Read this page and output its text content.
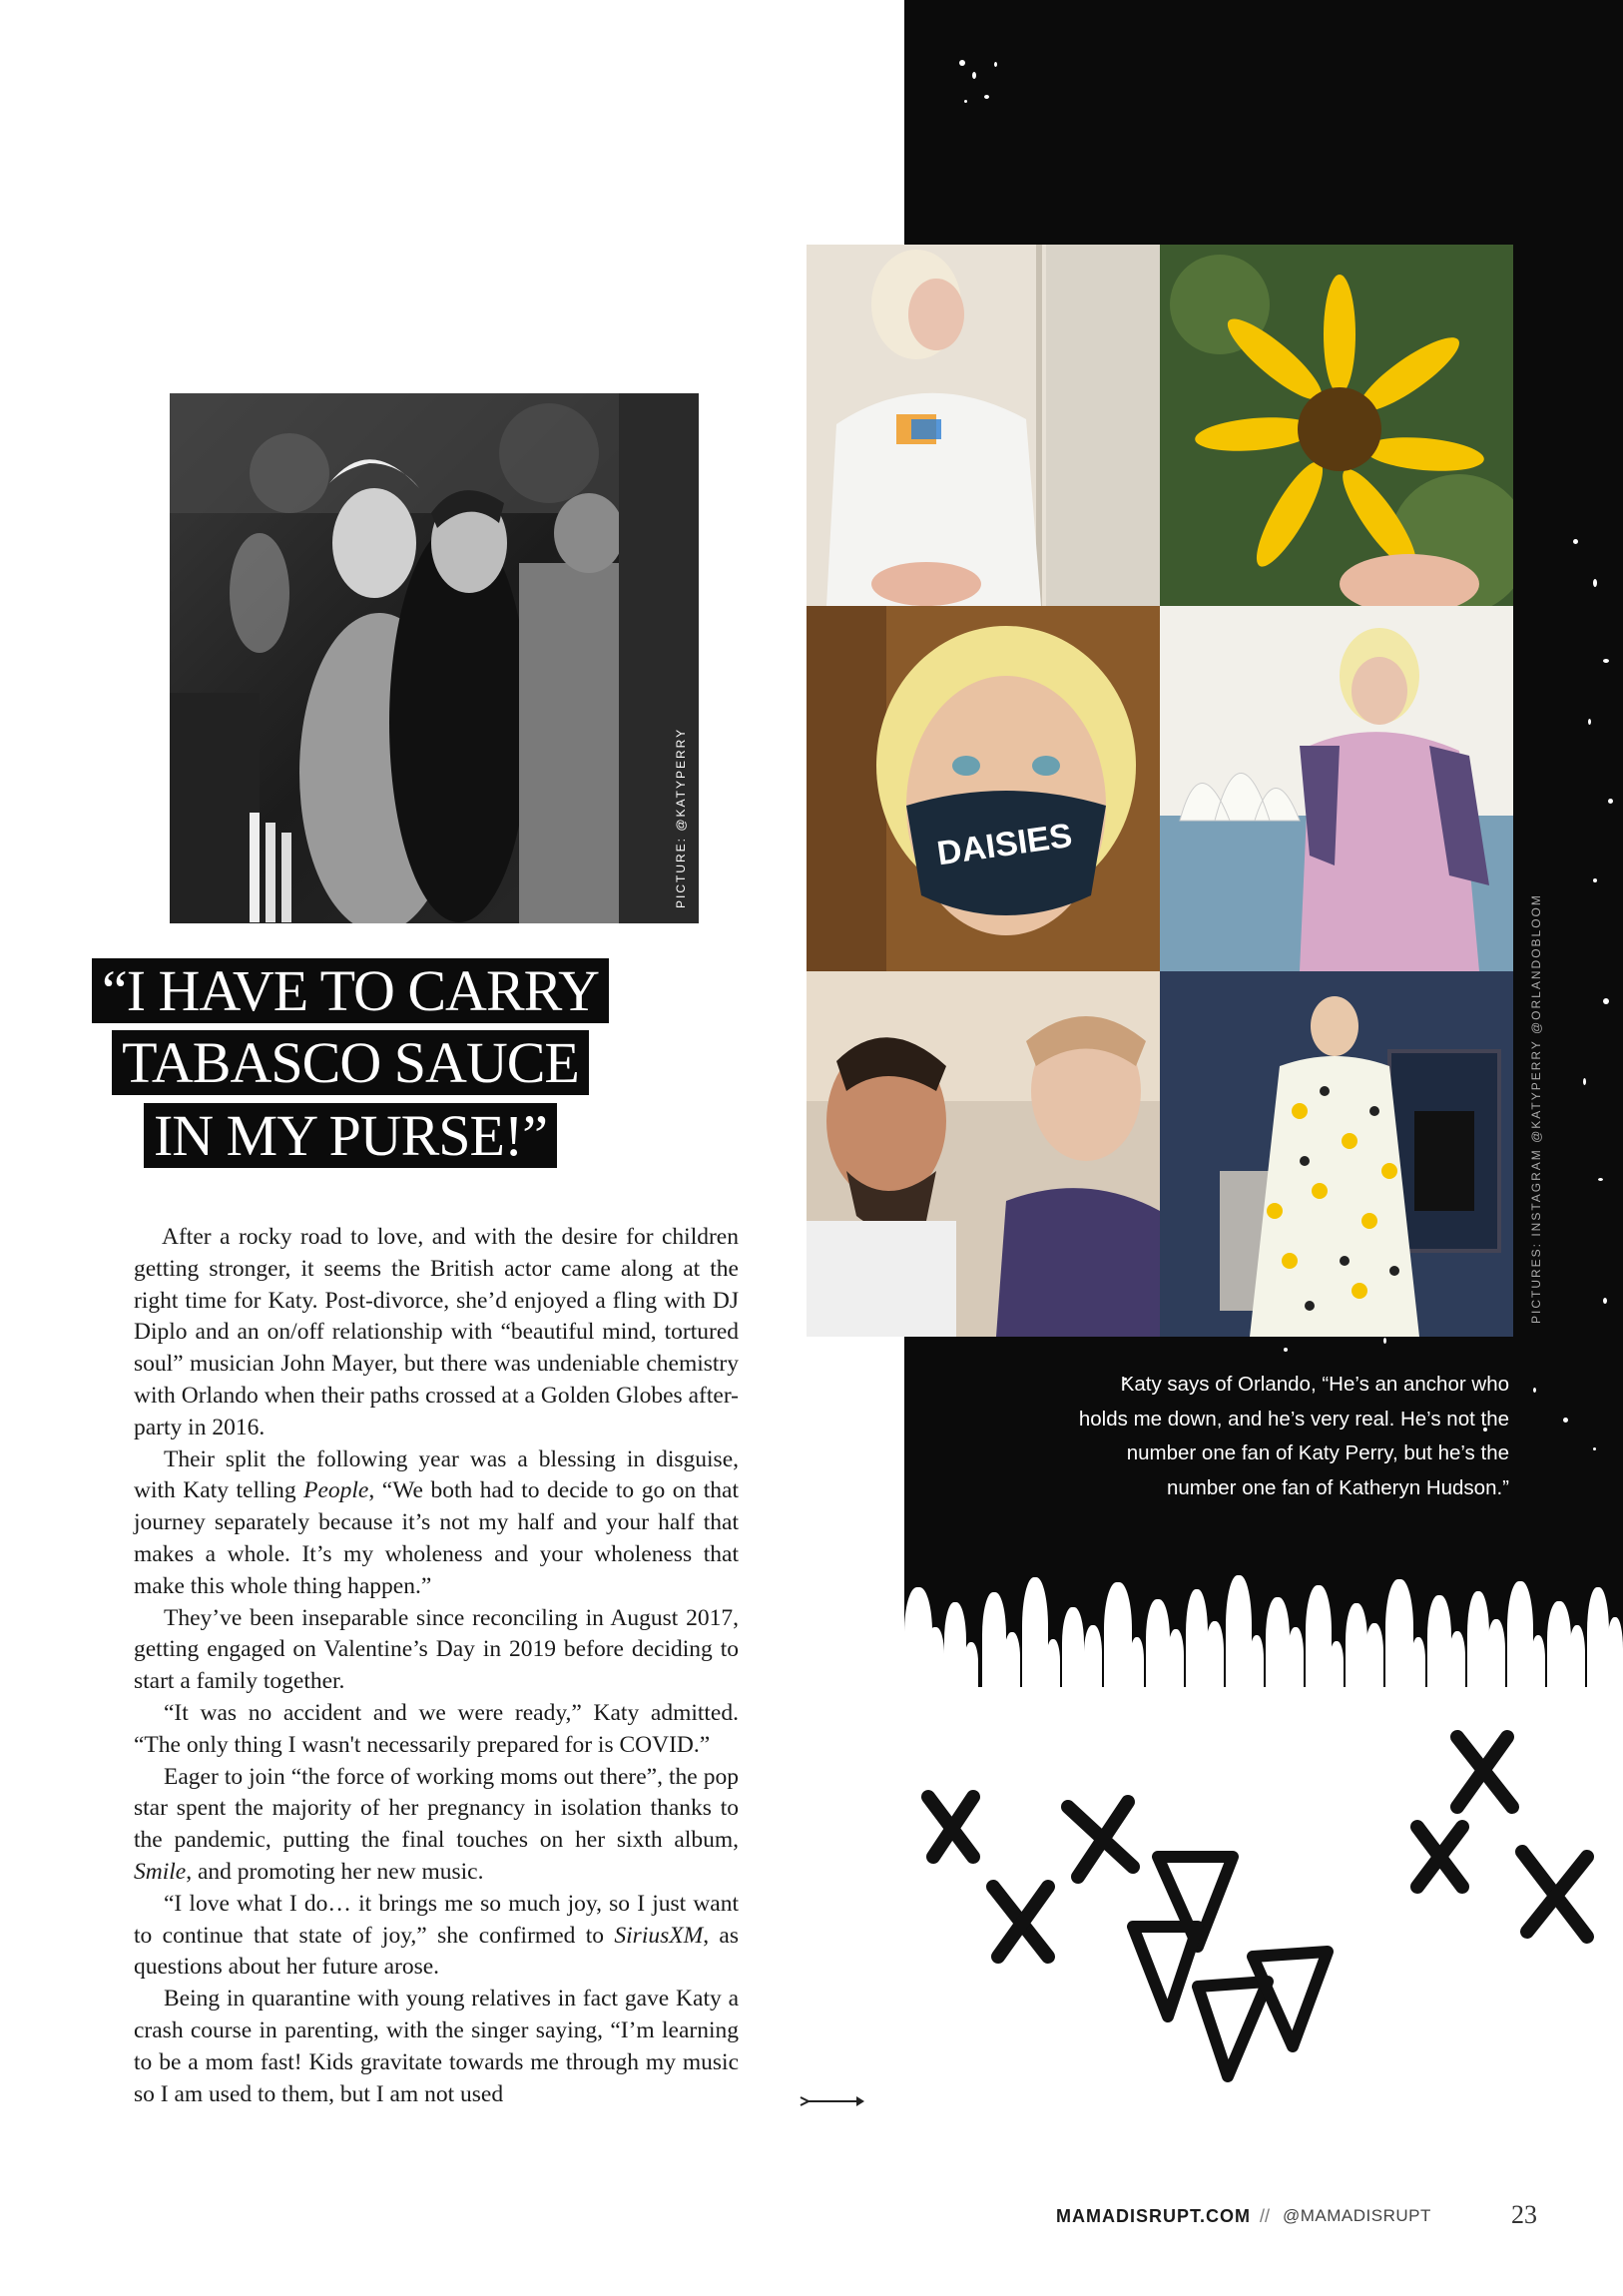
PICTURE: @KATYPERRY
“I HAVE TO CARRY
TABASCO SAUCE
IN MY PURSE!”

After a rocky road to love, and with the desire for children getting stronger, it seems the British actor came along at the right time for Katy. Post-divorce, she’d enjoyed a fling with DJ Diplo and an on/off relationship with “beautiful mind, tortured soul” musician John Mayer, but there was undeniable chemistry with Orlando when their paths crossed at a Golden Globes after-party in 2016.

Their split the following year was a blessing in disguise, with Katy telling People, “We both had to decide to go on that journey separately because it’s not my half and your half that makes a whole. It’s my wholeness and your wholeness that make this whole thing happen.”

They’ve been inseparable since reconciling in August 2017, getting engaged on Valentine’s Day in 2019 before deciding to start a family together.

“It was no accident and we were ready,” Katy admitted. “The only thing I wasn't necessarily prepared for is COVID.”

Eager to join “the force of working moms out there”, the pop star spent the majority of her pregnancy in isolation thanks to the pandemic, putting the final touches on her sixth album, Smile, and promoting her new music.

“I love what I do… it brings me so much joy, so I just want to continue that state of joy,” she confirmed to SiriusXM, as questions about her future arose.

Being in quarantine with young relatives in fact gave Katy a crash course in parenting, with the singer saying, “I’m learning to be a mom fast! Kids gravitate towards me through my music so I am used to them, but I am not used

DAISIES
PICTURES: INSTAGRAM @KATYPERRY @ORLANDOBLOOM
Katy says of Orlando, “He’s an anchor who holds me down, and he’s very real. He’s not the number one fan of Katy Perry, but he’s the number one fan of Katheryn Hudson.”
MAMADISRUPT.COM // @MAMADISRUPT	23
